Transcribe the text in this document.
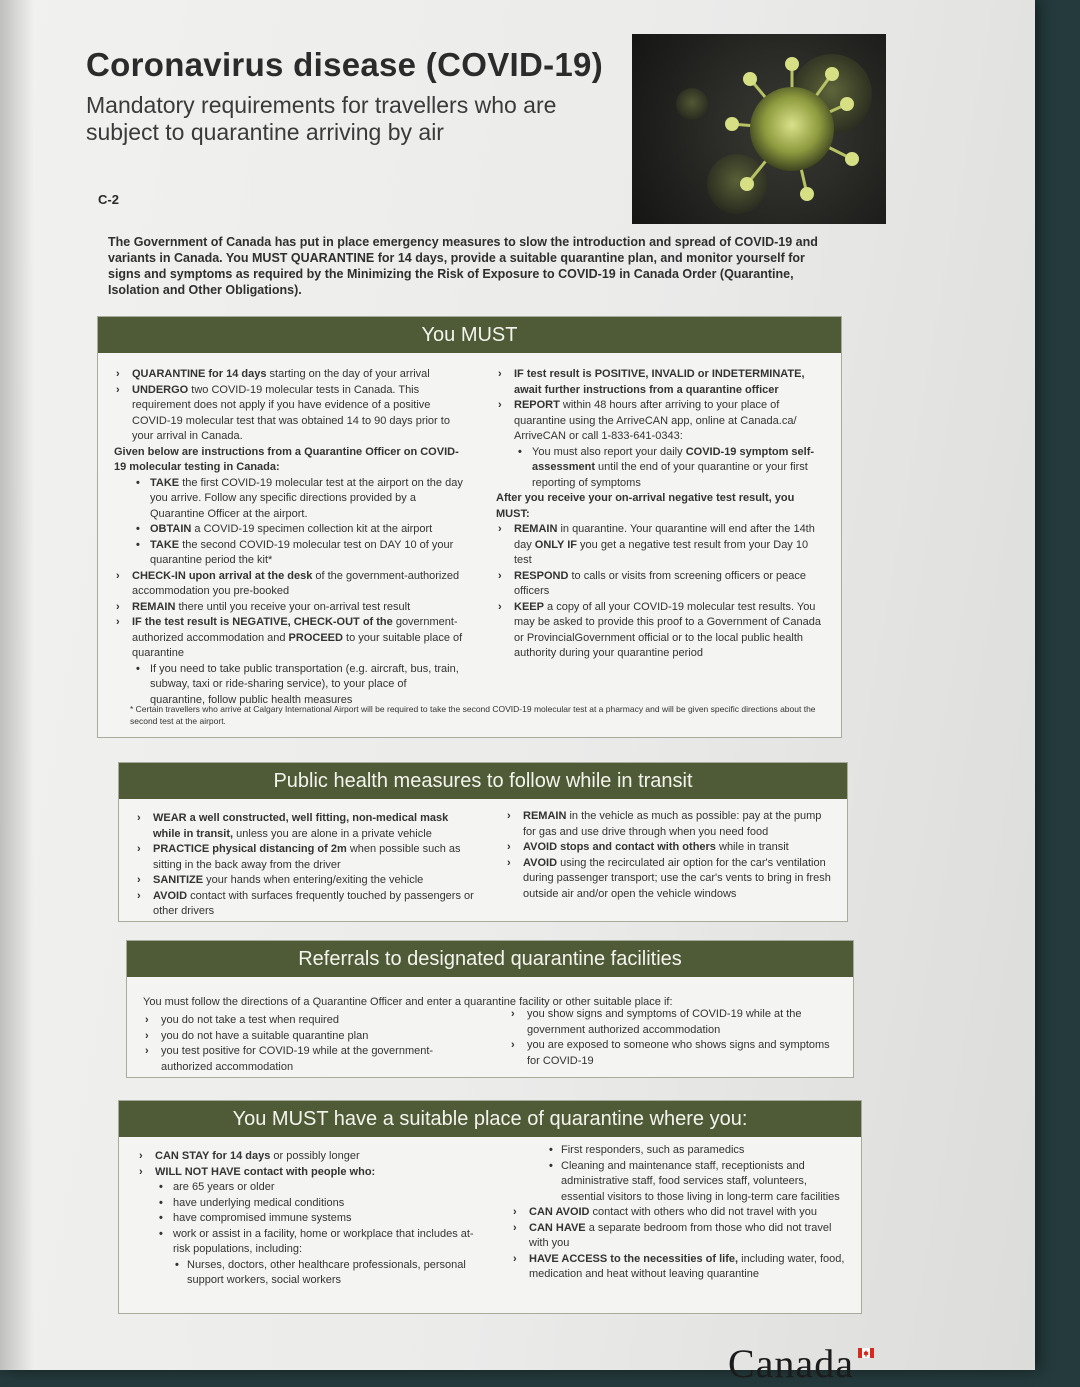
Coronavirus disease (COVID-19)
Mandatory requirements for travellers who are subject to quarantine arriving by air
C-2
The Government of Canada has put in place emergency measures to slow the introduction and spread of COVID-19 and variants in Canada. You MUST QUARANTINE for 14 days, provide a suitable quarantine plan, and monitor yourself for signs and symptoms as required by the Minimizing the Risk of Exposure to COVID-19 in Canada Order (Quarantine, Isolation and Other Obligations).
You MUST
› QUARANTINE for 14 days starting on the day of your arrival
› UNDERGO two COVID-19 molecular tests in Canada. This requirement does not apply if you have evidence of a positive COVID-19 molecular test that was obtained 14 to 90 days prior to your arrival in Canada.
Given below are instructions from a Quarantine Officer on COVID-19 molecular testing in Canada:
• TAKE the first COVID-19 molecular test at the airport on the day you arrive. Follow any specific directions provided by a Quarantine Officer at the airport.
• OBTAIN a COVID-19 specimen collection kit at the airport
• TAKE the second COVID-19 molecular test on DAY 10 of your quarantine period the kit*
› CHECK-IN upon arrival at the desk of the government-authorized accommodation you pre-booked
› REMAIN there until you receive your on-arrival test result
› IF the test result is NEGATIVE, CHECK-OUT of the government-authorized accommodation and PROCEED to your suitable place of quarantine
• If you need to take public transportation (e.g. aircraft, bus, train, subway, taxi or ride-sharing service), to your place of quarantine, follow public health measures
› IF test result is POSITIVE, INVALID or INDETERMINATE, await further instructions from a quarantine officer
› REPORT within 48 hours after arriving to your place of quarantine using the ArriveCAN app, online at Canada.ca/ ArriveCAN or call 1-833-641-0343:
• You must also report your daily COVID-19 symptom self-assessment until the end of your quarantine or your first reporting of symptoms
After you receive your on-arrival negative test result, you MUST:
› REMAIN in quarantine. Your quarantine will end after the 14th day ONLY IF you get a negative test result from your Day 10 test
› RESPOND to calls or visits from screening officers or peace officers
› KEEP a copy of all your COVID-19 molecular test results. You may be asked to provide this proof to a Government of Canada or ProvincialGovernment official or to the local public health authority during your quarantine period
* Certain travellers who arrive at Calgary International Airport will be required to take the second COVID-19 molecular test at a pharmacy and will be given specific directions about the second test at the airport.
Public health measures to follow while in transit
› WEAR a well constructed, well fitting, non-medical mask while in transit, unless you are alone in a private vehicle
› PRACTICE physical distancing of 2m when possible such as sitting in the back away from the driver
› SANITIZE your hands when entering/exiting the vehicle
› AVOID contact with surfaces frequently touched by passengers or other drivers
› REMAIN in the vehicle as much as possible: pay at the pump for gas and use drive through when you need food
› AVOID stops and contact with others while in transit
› AVOID using the recirculated air option for the car's ventilation during passenger transport; use the car's vents to bring in fresh outside air and/or open the vehicle windows
Referrals to designated quarantine facilities
You must follow the directions of a Quarantine Officer and enter a quarantine facility or other suitable place if:
› you do not take a test when required
› you do not have a suitable quarantine plan
› you test positive for COVID-19 while at the government-authorized accommodation
› you show signs and symptoms of COVID-19 while at the government authorized accommodation
› you are exposed to someone who shows signs and symptoms for COVID-19
You MUST have a suitable place of quarantine where you:
› CAN STAY for 14 days or possibly longer
› WILL NOT HAVE contact with people who:
• are 65 years or older
• have underlying medical conditions
• have compromised immune systems
• work or assist in a facility, home or workplace that includes at-risk populations, including:
• Nurses, doctors, other healthcare professionals, personal support workers, social workers
• First responders, such as paramedics
• Cleaning and maintenance staff, receptionists and administrative staff, food services staff, volunteers, essential visitors to those living in long-term care facilities
› CAN AVOID contact with others who did not travel with you
› CAN HAVE a separate bedroom from those who did not travel with you
› HAVE ACCESS to the necessities of life, including water, food, medication and heat without leaving quarantine
Canada
